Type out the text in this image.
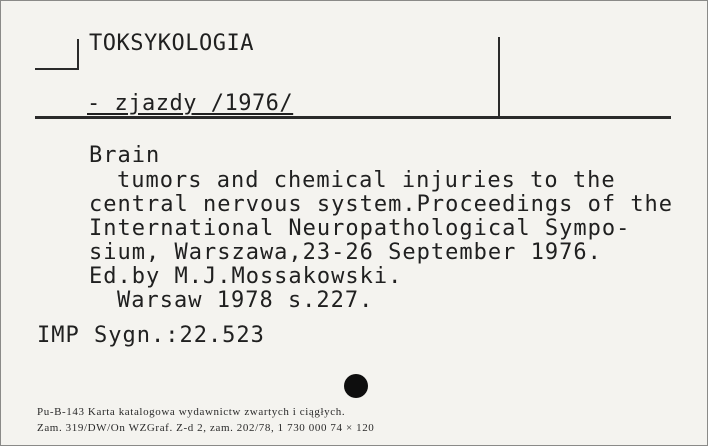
TOKSYKOLOGIA
- zjazdy /1976/
Brain
tumors and chemical injuries to the
central nervous system.Proceedings of the
International Neuropathological Sympo-
sium, Warszawa,23-26 September 1976.
Ed.by M.J.Mossakowski.
Warsaw 1978 s.227.
IMP Sygn.:22.523
Pu-B-143 Karta katalogowa wydawnictw zwartych i ciągłych.
Zam. 319/DW/On WZGraf. Z-d 2, zam. 202/78, 1 730 000 74 × 120
